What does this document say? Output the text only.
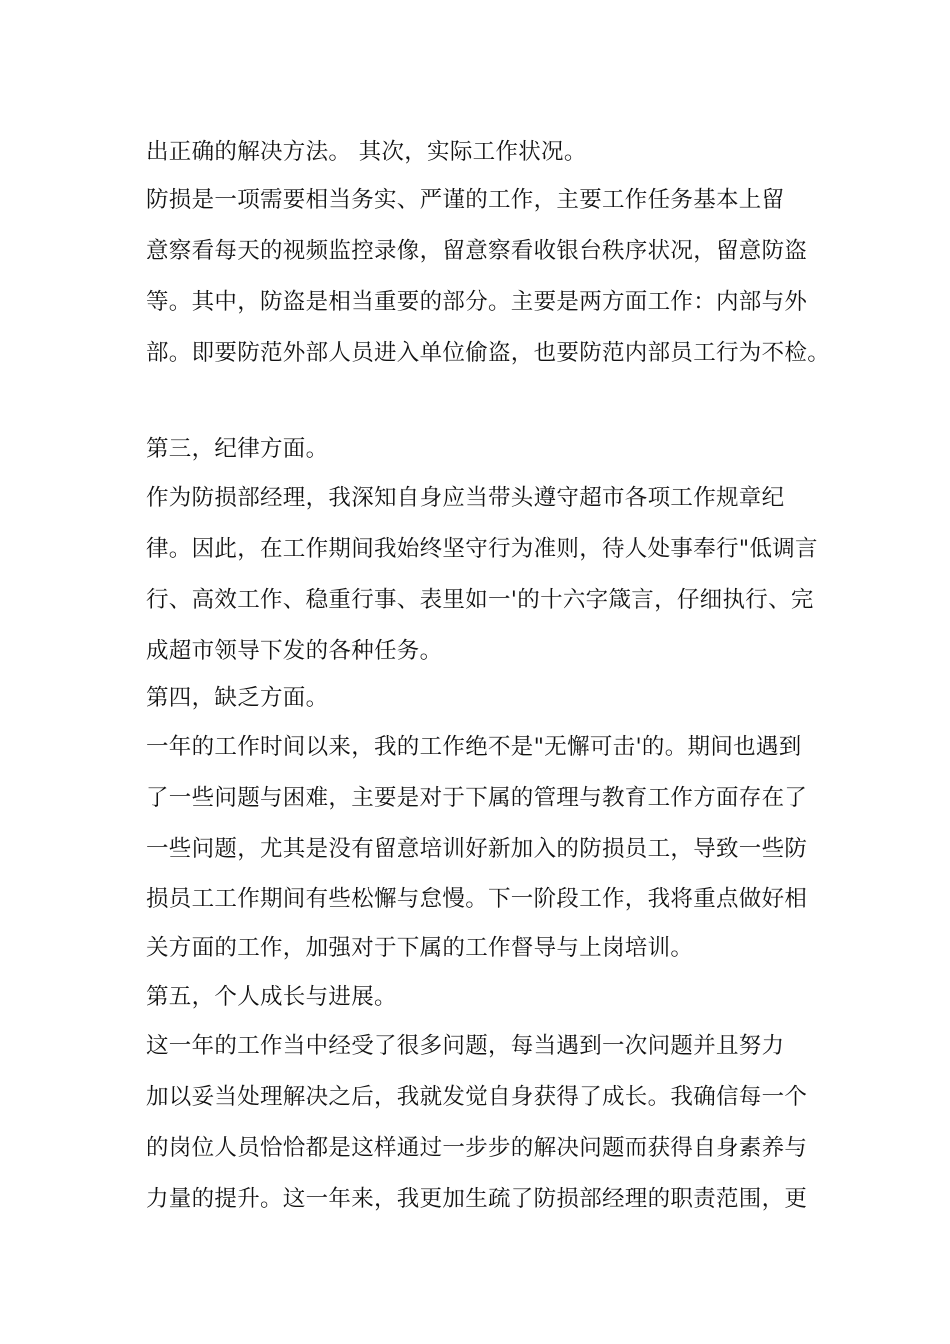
出正确的解决方法。 其次，实际工作状况。
防损是一项需要相当务实、严谨的工作，主要工作任务基本上留
意察看每天的视频监控录像，留意察看收银台秩序状况，留意防盗
等。其中，防盗是相当重要的部分。主要是两方面工作：内部与外
部。即要防范外部人员进入单位偷盗，也要防范内部员工行为不检。
第三，纪律方面。
作为防损部经理，我深知自身应当带头遵守超市各项工作规章纪
律。因此，在工作期间我始终坚守行为准则，待人处事奉行"低调言
行、高效工作、稳重行事、表里如一'的十六字箴言，仔细执行、完
成超市领导下发的各种任务。
第四，缺乏方面。
一年的工作时间以来，我的工作绝不是"无懈可击'的。期间也遇到
了一些问题与困难，主要是对于下属的管理与教育工作方面存在了
一些问题，尤其是没有留意培训好新加入的防损员工，导致一些防
损员工工作期间有些松懈与怠慢。下一阶段工作，我将重点做好相
关方面的工作，加强对于下属的工作督导与上岗培训。
第五，个人成长与进展。
这一年的工作当中经受了很多问题，每当遇到一次问题并且努力
加以妥当处理解决之后，我就发觉自身获得了成长。我确信每一个
的岗位人员恰恰都是这样通过一步步的解决问题而获得自身素养与
力量的提升。这一年来，我更加生疏了防损部经理的职责范围，更
